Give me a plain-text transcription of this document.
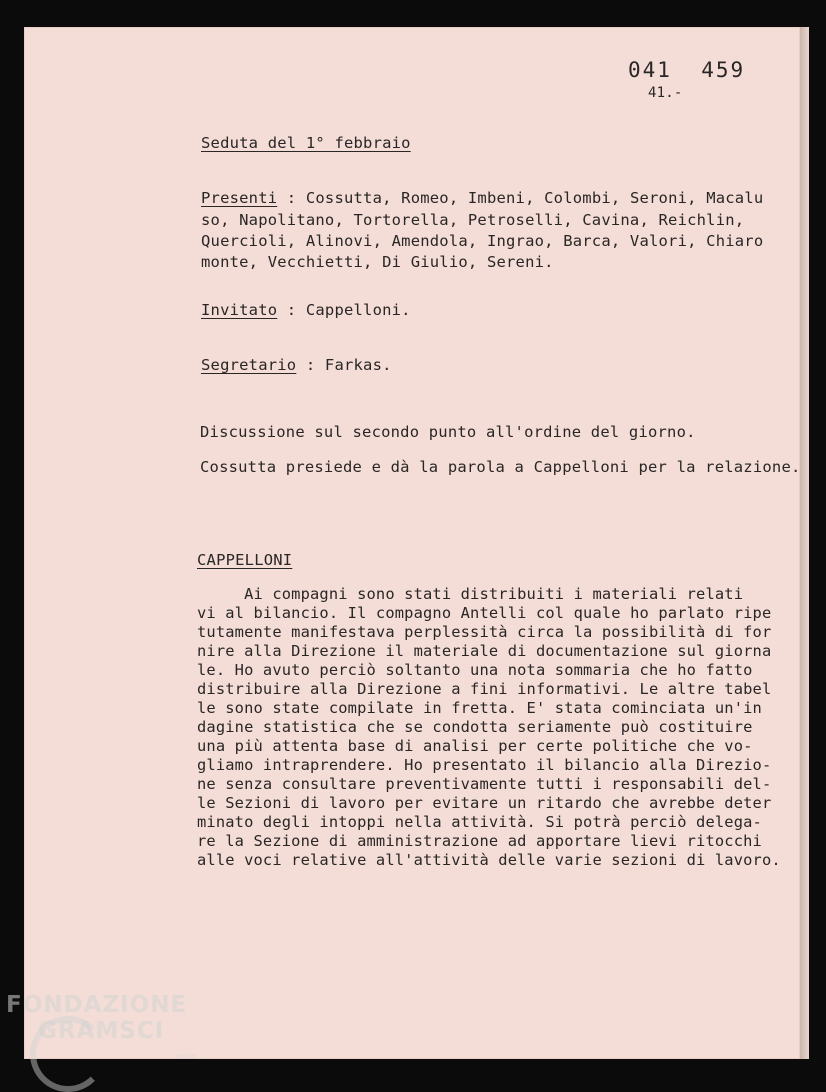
041  459
41.-
Seduta del 1° febbraio
Presenti : Cossutta, Romeo, Imbeni, Colombi, Seroni, Macalu
so, Napolitano, Tortorella, Petroselli, Cavina, Reichlin,
Quercioli, Alinovi, Amendola, Ingrao, Barca, Valori, Chiaro
monte, Vecchietti, Di Giulio, Sereni.
Invitato : Cappelloni.
Segretario : Farkas.
Discussione sul secondo punto all'ordine del giorno.
Cossutta presiede e dà la parola a Cappelloni per la relazione.
CAPPELLONI
Ai compagni sono stati distribuiti i materiali relati
vi al bilancio. Il compagno Antelli col quale ho parlato ripe
tutamente manifestava perplessità circa la possibilità di for
nire alla Direzione il materiale di documentazione sul giorna
le. Ho avuto perciò soltanto una nota sommaria che ho fatto
distribuire alla Direzione a fini informativi. Le altre tabel
le sono state compilate in fretta. E' stata cominciata un'in
dagine statistica che se condotta seriamente può costituire
una più attenta base di analisi per certe politiche che vo-
gliamo intraprendere. Ho presentato il bilancio alla Direzio-
ne senza consultare preventivamente tutti i responsabili del-
le Sezioni di lavoro per evitare un ritardo che avrebbe deter
minato degli intoppi nella attività. Si potrà perciò delega-
re la Sezione di amministrazione ad apportare lievi ritocchi
alle voci relative all'attività delle varie sezioni di lavoro.
FONDAZIONE
GRAMSCI
onlus
